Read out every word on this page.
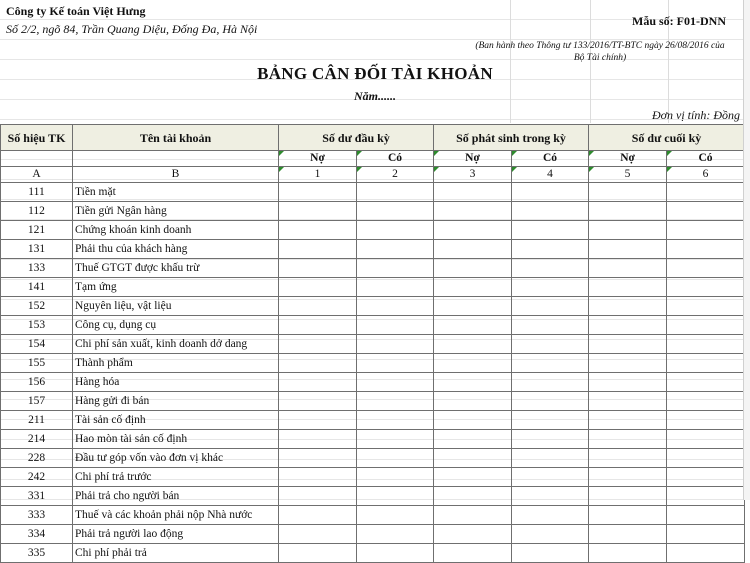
Công ty Kế toán Việt Hưng
Số 2/2, ngõ 84, Trần Quang Diệu, Đống Đa, Hà Nội
Mẫu số: F01-DNN
(Ban hành theo Thông tư 133/2016/TT-BTC ngày 26/08/2016 của Bộ Tài chính)
BẢNG CÂN ĐỐI TÀI KHOẢN
Năm......
Đơn vị tính: Đồng
Số hiệu TK	Tên tài khoản	Số dư đầu kỳ		Số phát sinh trong kỳ		Số dư cuối kỳ	
		Nợ	Có	Nợ	Có	Nợ	Có
A	B	1	2	3	4	5	6
111	Tiền mặt						
112	Tiền gửi Ngân hàng						
121	Chứng khoán kinh doanh						
131	Phải thu của khách hàng						
133	Thuế GTGT được khấu trừ						
141	Tạm ứng						
152	Nguyên liệu, vật liệu						
153	Công cụ, dụng cụ						
154	Chi phí sản xuất, kinh doanh dở dang						
155	Thành phẩm						
156	Hàng hóa						
157	Hàng gửi đi bán						
211	Tài sản cố định						
214	Hao mòn tài sản cố định						
228	Đầu tư góp vốn vào đơn vị khác						
242	Chi phí trả trước						
331	Phải trả cho người bán						
333	Thuế và các khoản phải nộp Nhà nước						
334	Phải trả người lao động						
335	Chi phí phải trả						
